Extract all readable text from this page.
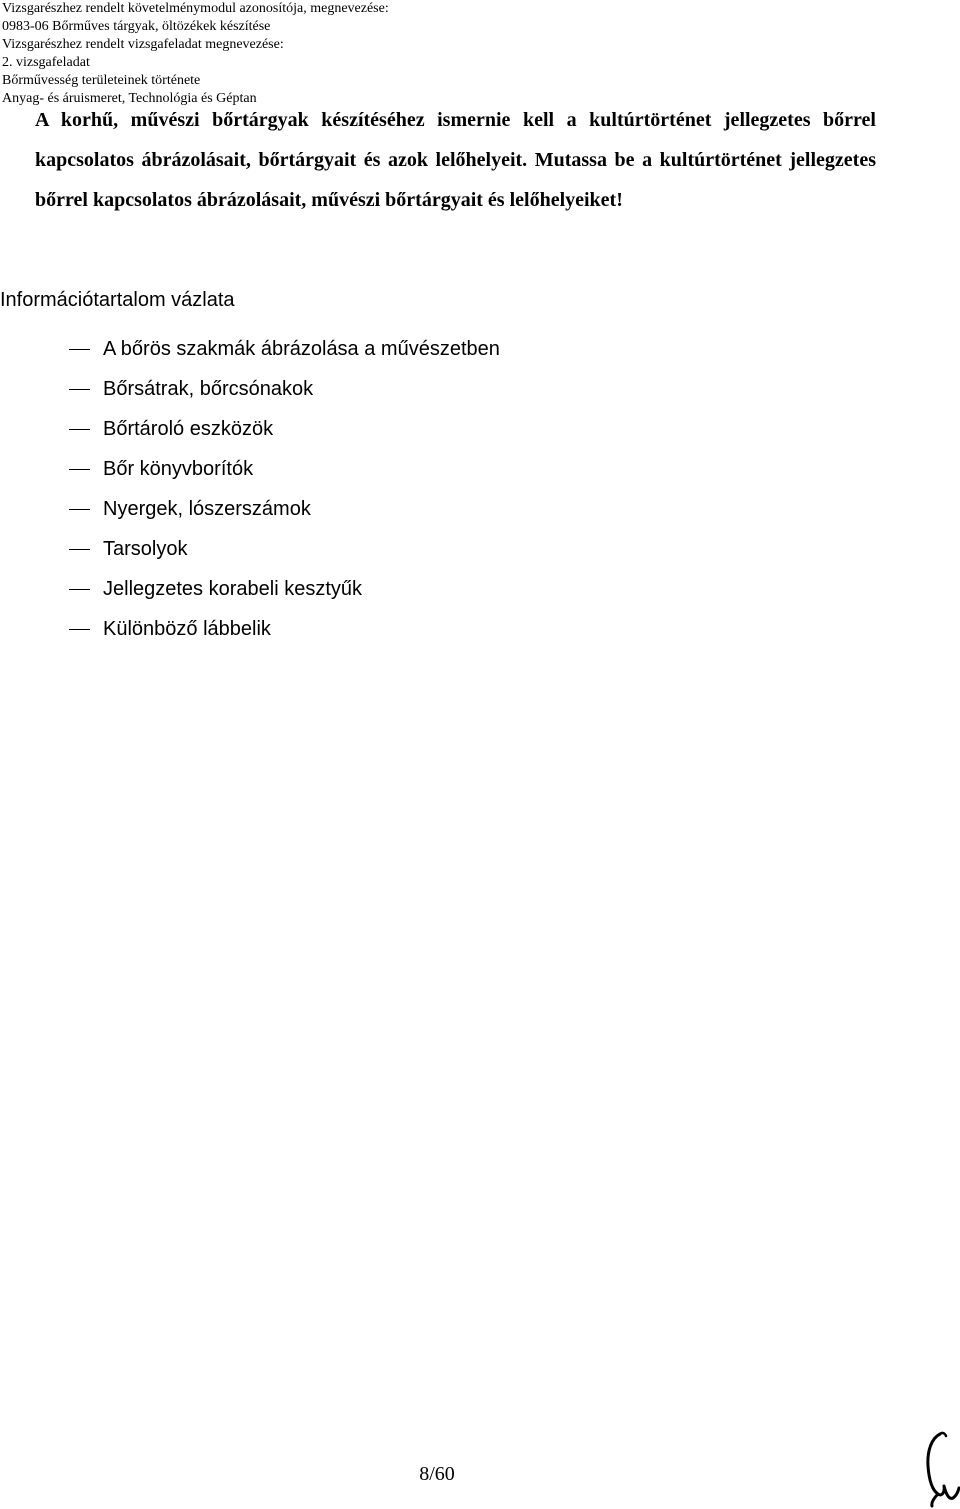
Vizsgarészhez rendelt követelménymodul azonosítója, megnevezése:
0983-06 Bőrműves tárgyak, öltözékek készítése
Vizsgarészhez rendelt vizsgafeladat megnevezése:
2. vizsgafeladat
Bőrművesség területeinek története
Anyag- és áruismeret, Technológia és Géptan
A korhű, művészi bőrtárgyak készítéséhez ismernie kell a kultúrtörténet jellegzetes bőrrel kapcsolatos ábrázolásait, bőrtárgyait és azok lelőhelyeit. Mutassa be a kultúrtörténet jellegzetes bőrrel kapcsolatos ábrázolásait, művészi bőrtárgyait és lelőhelyeiket!
Információtartalom vázlata
A bőrös szakmák ábrázolása a művészetben
Bőrsátrak, bőrcsónakok
Bőrtároló eszközök
Bőr könyvborítók
Nyergek, lószerszámok
Tarsolyok
Jellegzetes korabeli kesztyűk
Különböző lábbelik
8/60
